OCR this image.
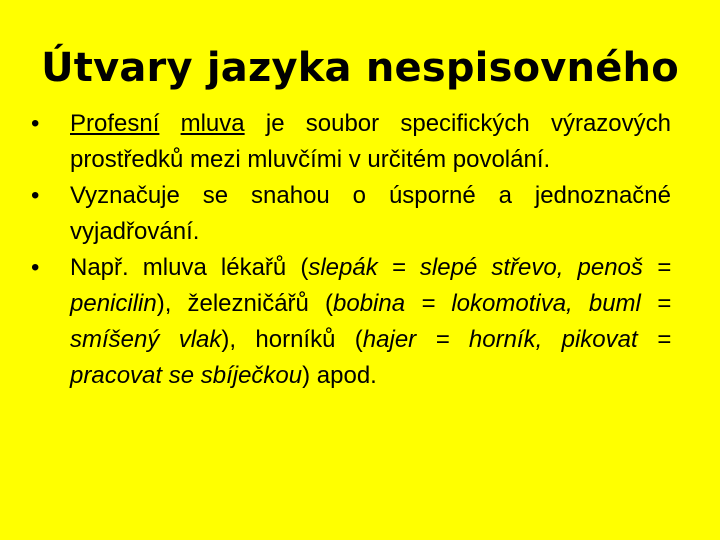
Útvary jazyka nespisovného
• Profesní mluva je soubor specifických výrazových prostředků mezi mluvčími v určitém povolání.
• Vyznačuje se snahou o úsporné a jednoznačné vyjadřování.
• Např. mluva lékařů (slepák = slepé střevo, penoš = penicilin), železničářů (bobina = lokomotiva, buml = smíšený vlak), horníků (hajer = horník, pikovat = pracovat se sbíječkou) apod.
